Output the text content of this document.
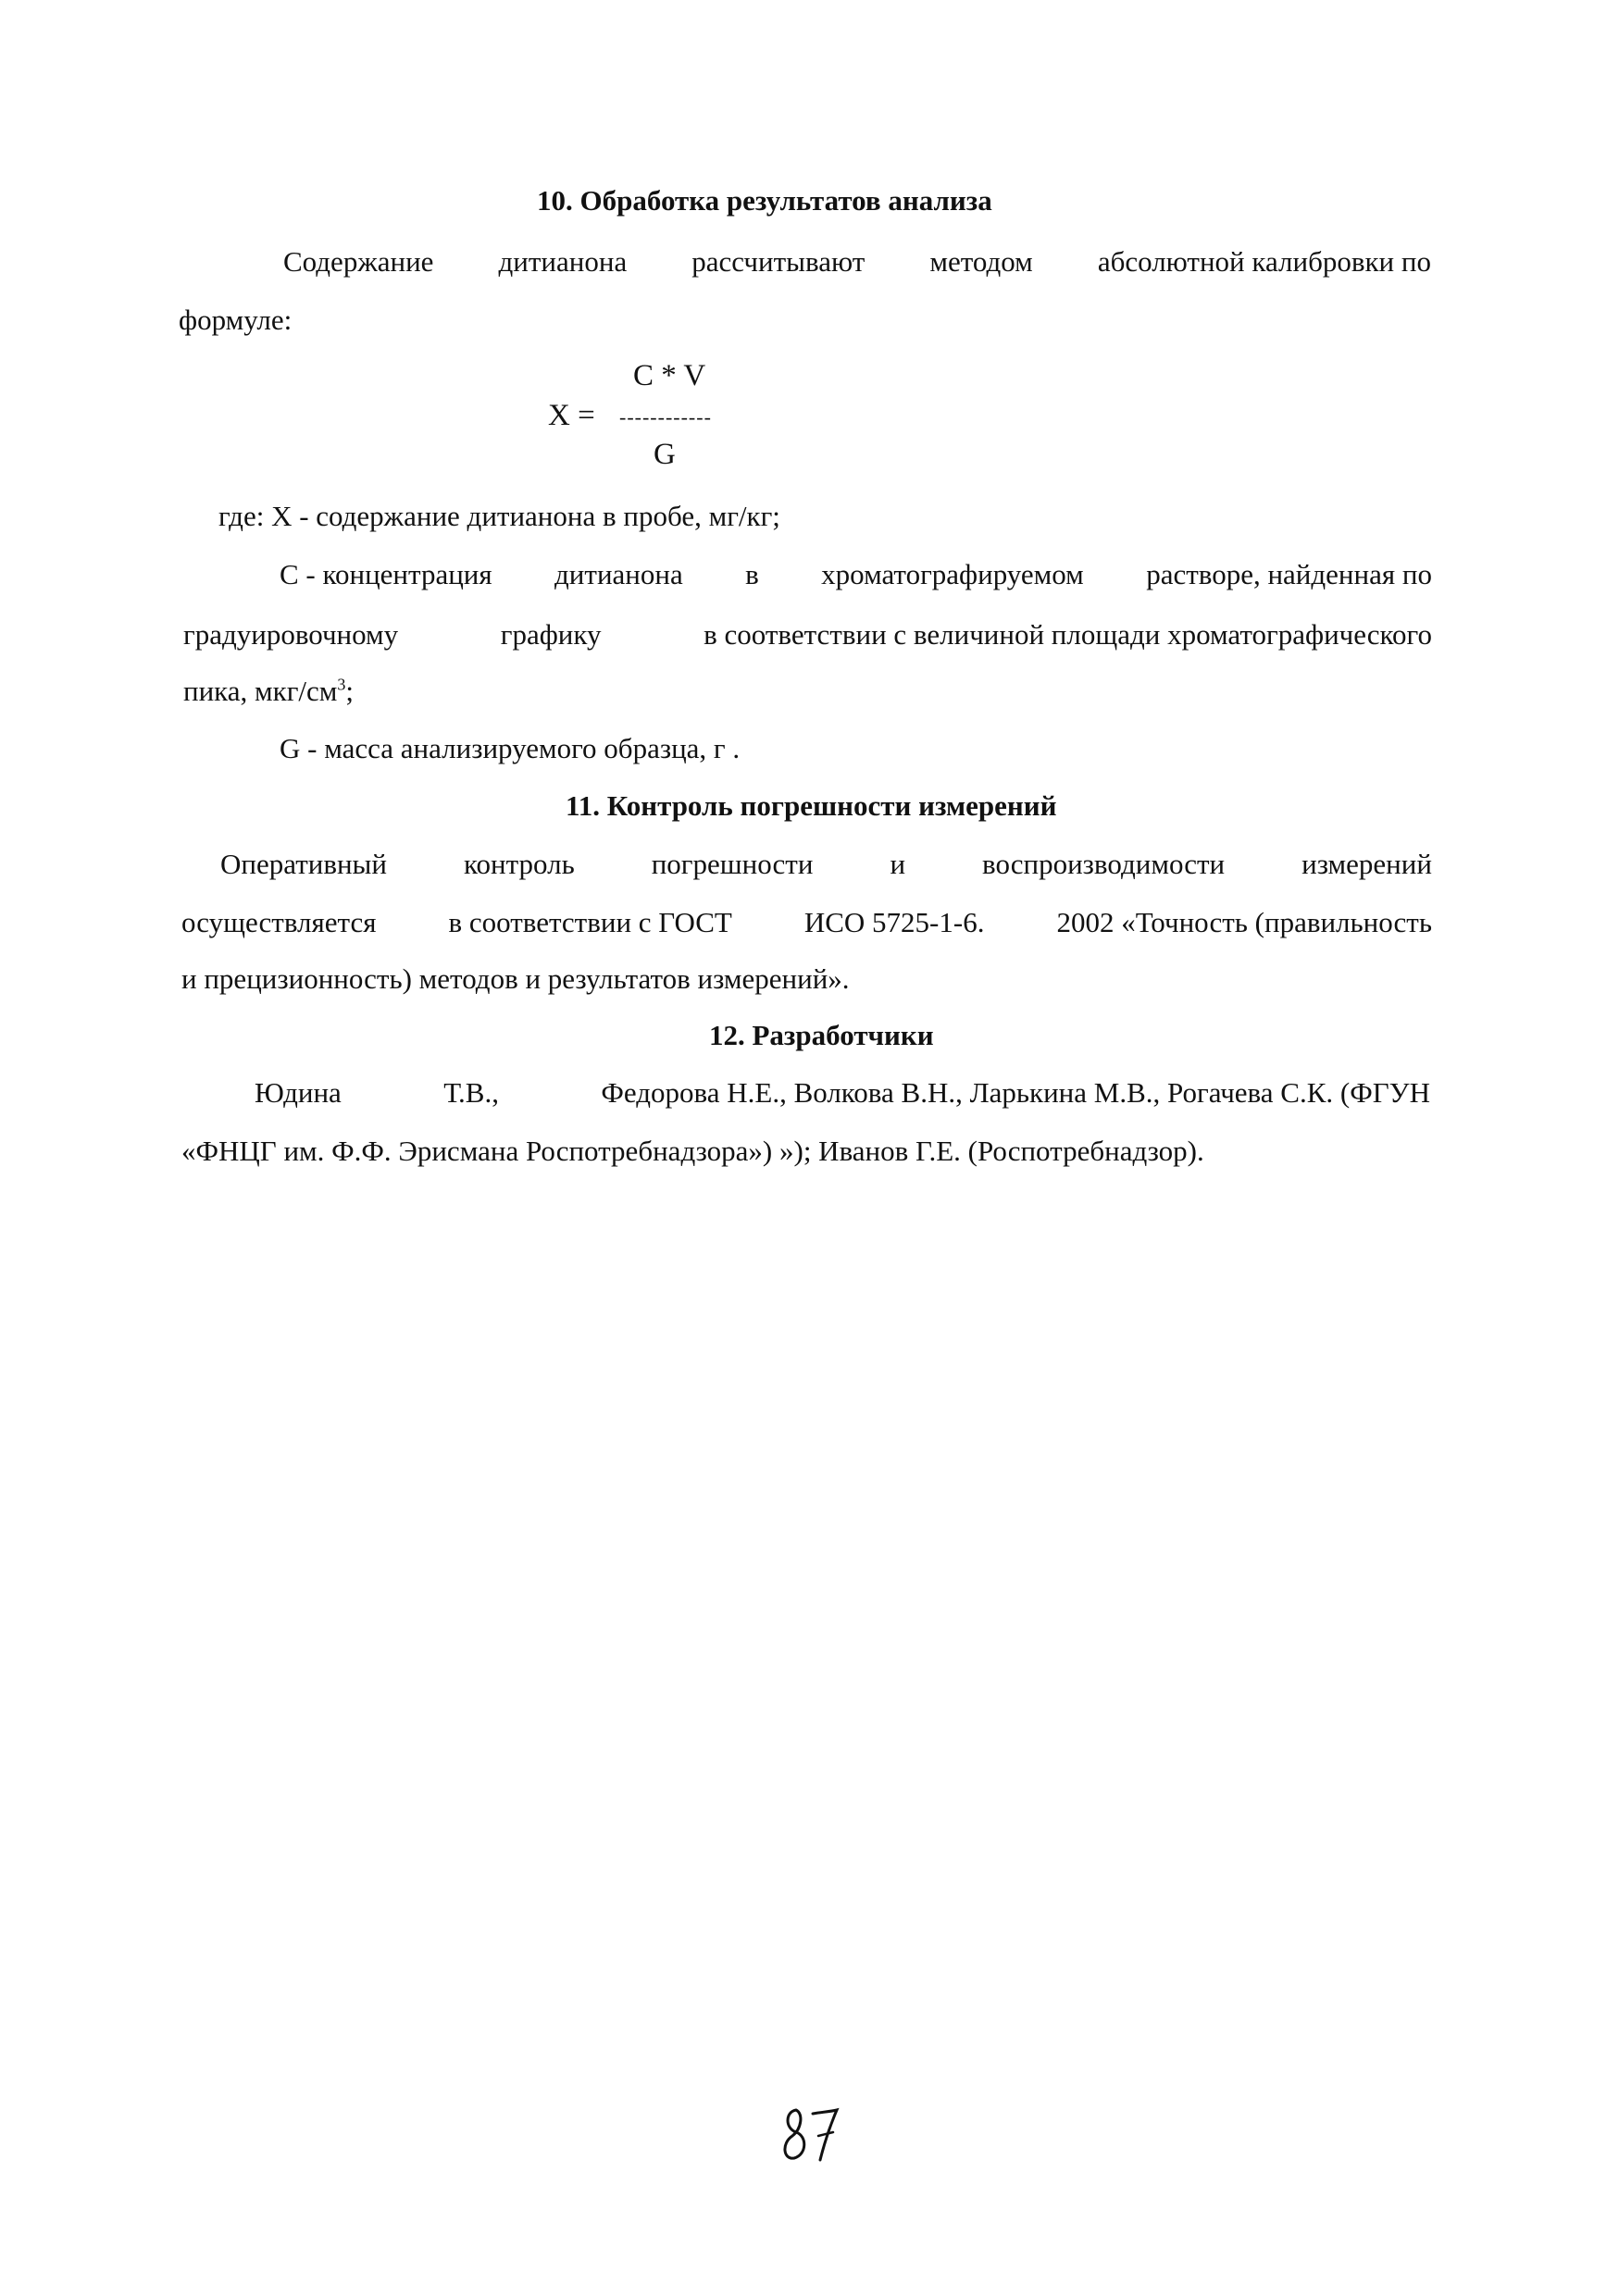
10. Обработка результатов анализа
Содержание дитианона рассчитывают методом абсолютной калибровки по
формуле:
C * V
X = ------------
G
где: X - содержание дитианона в пробе, мг/кг;
C - концентрация дитианона в хроматографируемом растворе, найденная по
градуировочному	графику	в соответствии с величиной площади хроматографического
пика, мкг/$см^3$;
G - масса анализируемого образца, г .
11. Контроль погрешности измерений
Оперативный	контроль	погрешности	и	воспроизводимости	измерений
осуществляется	в соответствии с ГОСТ	ИСО 5725-1-6.	2002 «Точность (правильность
и прецизионность) методов и результатов измерений».
12. Разработчики
Юдина	Т.В.,	Федорова Н.Е., Волкова В.Н., Ларькина М.В., Рогачева С.К. (ФГУН
«ФНЦГ им. Ф.Ф. Эрисмана Роспотребнадзора») »); Иванов Г.Е. (Роспотребнадзор).
